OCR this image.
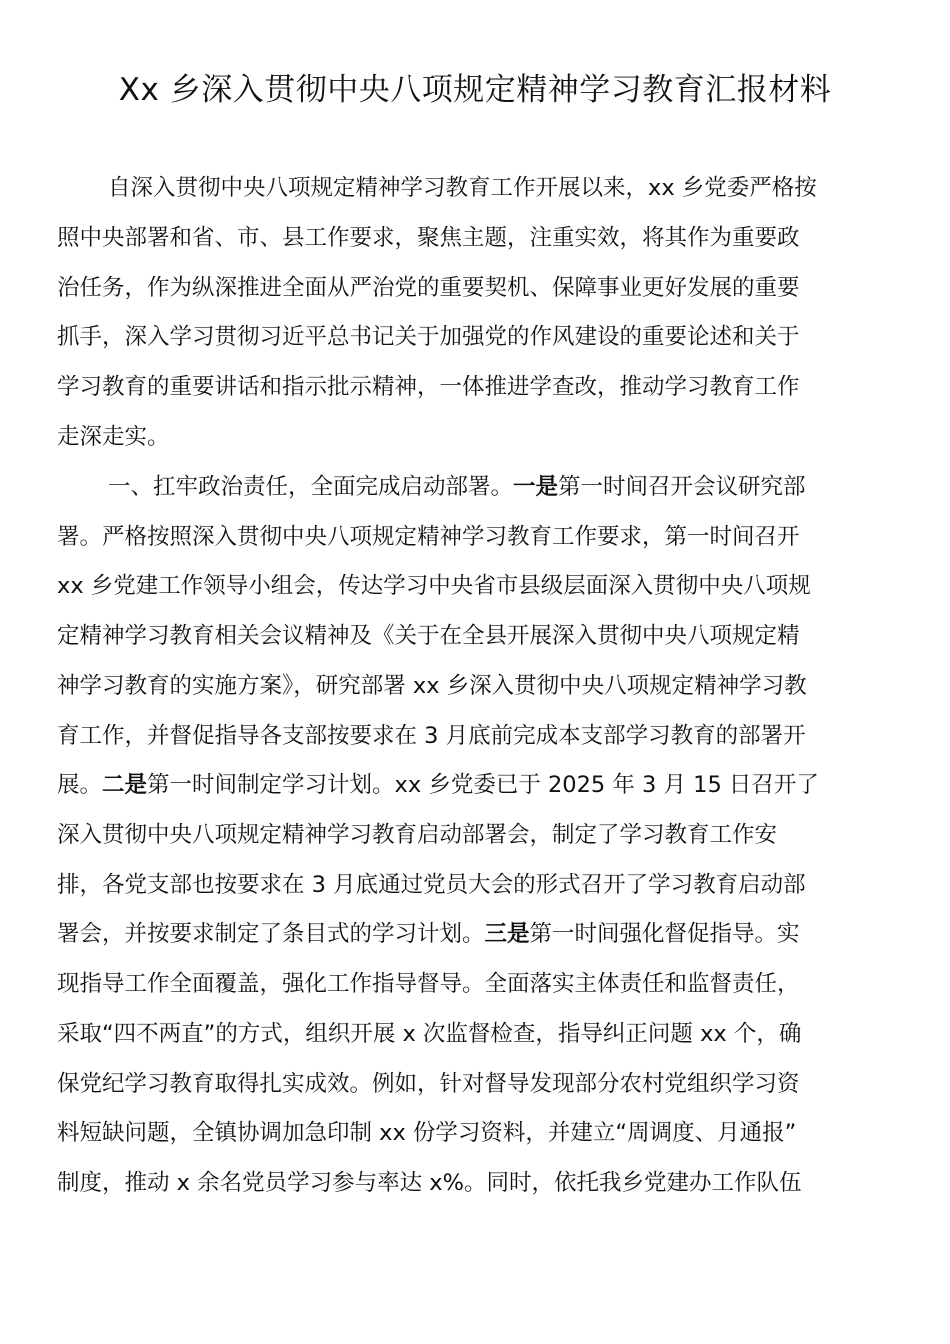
Xx 乡深入贯彻中央八项规定精神学习教育汇报材料
自深入贯彻中央八项规定精神学习教育工作开展以来，xx 乡党委严格按
照中央部署和省、市、县工作要求，聚焦主题，注重实效，将其作为重要政
治任务，作为纵深推进全面从严治党的重要契机、保障事业更好发展的重要
抓手，深入学习贯彻习近平总书记关于加强党的作风建设的重要论述和关于
学习教育的重要讲话和指示批示精神，一体推进学查改，推动学习教育工作
走深走实。
一、扛牢政治责任，全面完成启动部署。一是第一时间召开会议研究部
署。严格按照深入贯彻中央八项规定精神学习教育工作要求，第一时间召开
xx 乡党建工作领导小组会，传达学习中央省市县级层面深入贯彻中央八项规
定精神学习教育相关会议精神及《关于在全县开展深入贯彻中央八项规定精
神学习教育的实施方案》，研究部署 xx 乡深入贯彻中央八项规定精神学习教
育工作，并督促指导各支部按要求在 3 月底前完成本支部学习教育的部署开
展。二是第一时间制定学习计划。xx 乡党委已于 2025 年 3 月 15 日召开了
深入贯彻中央八项规定精神学习教育启动部署会，制定了学习教育工作安
排，各党支部也按要求在 3 月底通过党员大会的形式召开了学习教育启动部
署会，并按要求制定了条目式的学习计划。三是第一时间强化督促指导。实
现指导工作全面覆盖，强化工作指导督导。全面落实主体责任和监督责任，
采取“四不两直”的方式，组织开展 x 次监督检查，指导纠正问题 xx 个，确
保党纪学习教育取得扎实成效。例如，针对督导发现部分农村党组织学习资
料短缺问题，全镇协调加急印制 xx 份学习资料，并建立“周调度、月通报”
制度，推动 x 余名党员学习参与率达 x%。同时，依托我乡党建办工作队伍
